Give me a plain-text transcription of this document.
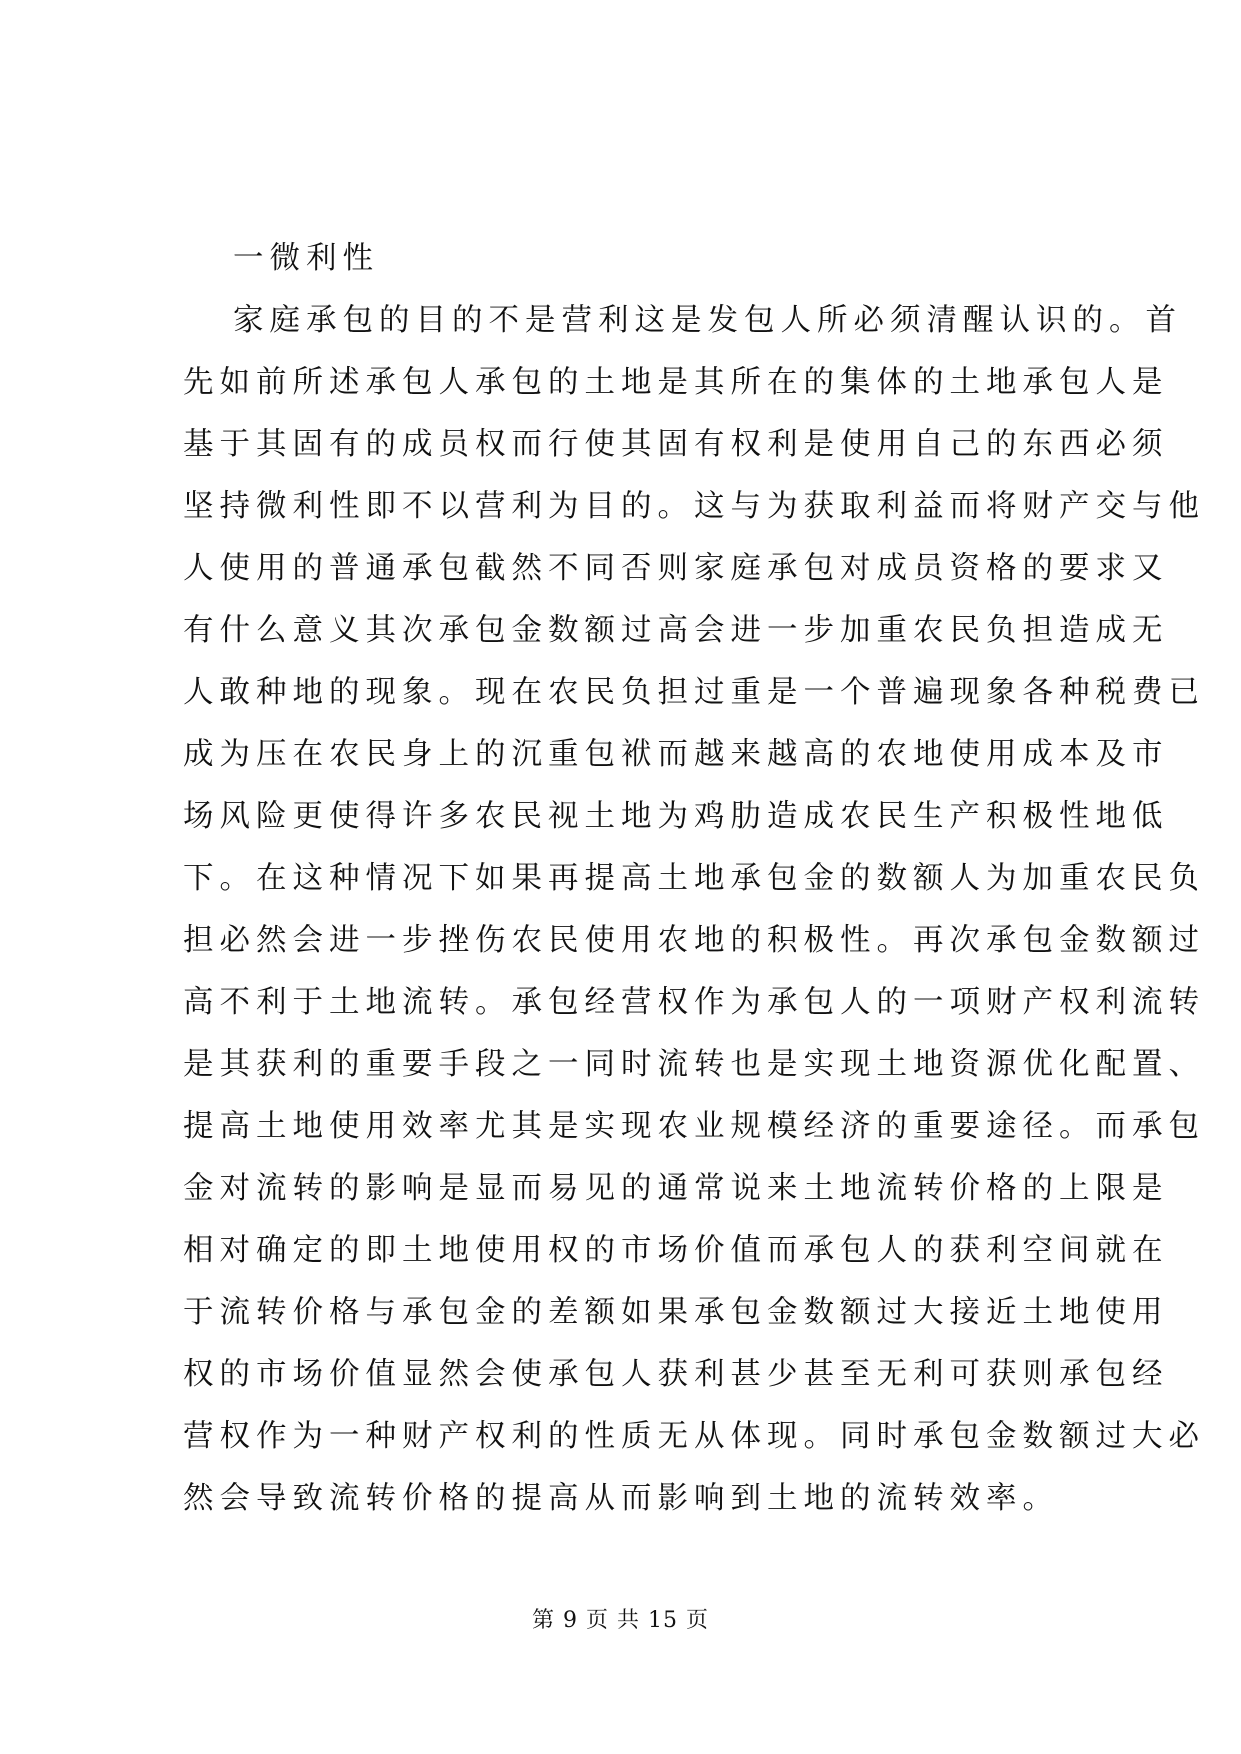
一微利性
家庭承包的目的不是营利这是发包人所必须清醒认识的。首
先如前所述承包人承包的土地是其所在的集体的土地承包人是
基于其固有的成员权而行使其固有权利是使用自己的东西必须
坚持微利性即不以营利为目的。这与为获取利益而将财产交与他
人使用的普通承包截然不同否则家庭承包对成员资格的要求又
有什么意义其次承包金数额过高会进一步加重农民负担造成无
人敢种地的现象。现在农民负担过重是一个普遍现象各种税费已
成为压在农民身上的沉重包袱而越来越高的农地使用成本及市
场风险更使得许多农民视土地为鸡肋造成农民生产积极性地低
下。在这种情况下如果再提高土地承包金的数额人为加重农民负
担必然会进一步挫伤农民使用农地的积极性。再次承包金数额过
高不利于土地流转。承包经营权作为承包人的一项财产权利流转
是其获利的重要手段之一同时流转也是实现土地资源优化配置、
提高土地使用效率尤其是实现农业规模经济的重要途径。而承包
金对流转的影响是显而易见的通常说来土地流转价格的上限是
相对确定的即土地使用权的市场价值而承包人的获利空间就在
于流转价格与承包金的差额如果承包金数额过大接近土地使用
权的市场价值显然会使承包人获利甚少甚至无利可获则承包经
营权作为一种财产权利的性质无从体现。同时承包金数额过大必
然会导致流转价格的提高从而影响到土地的流转效率。
第 9 页 共 15 页
